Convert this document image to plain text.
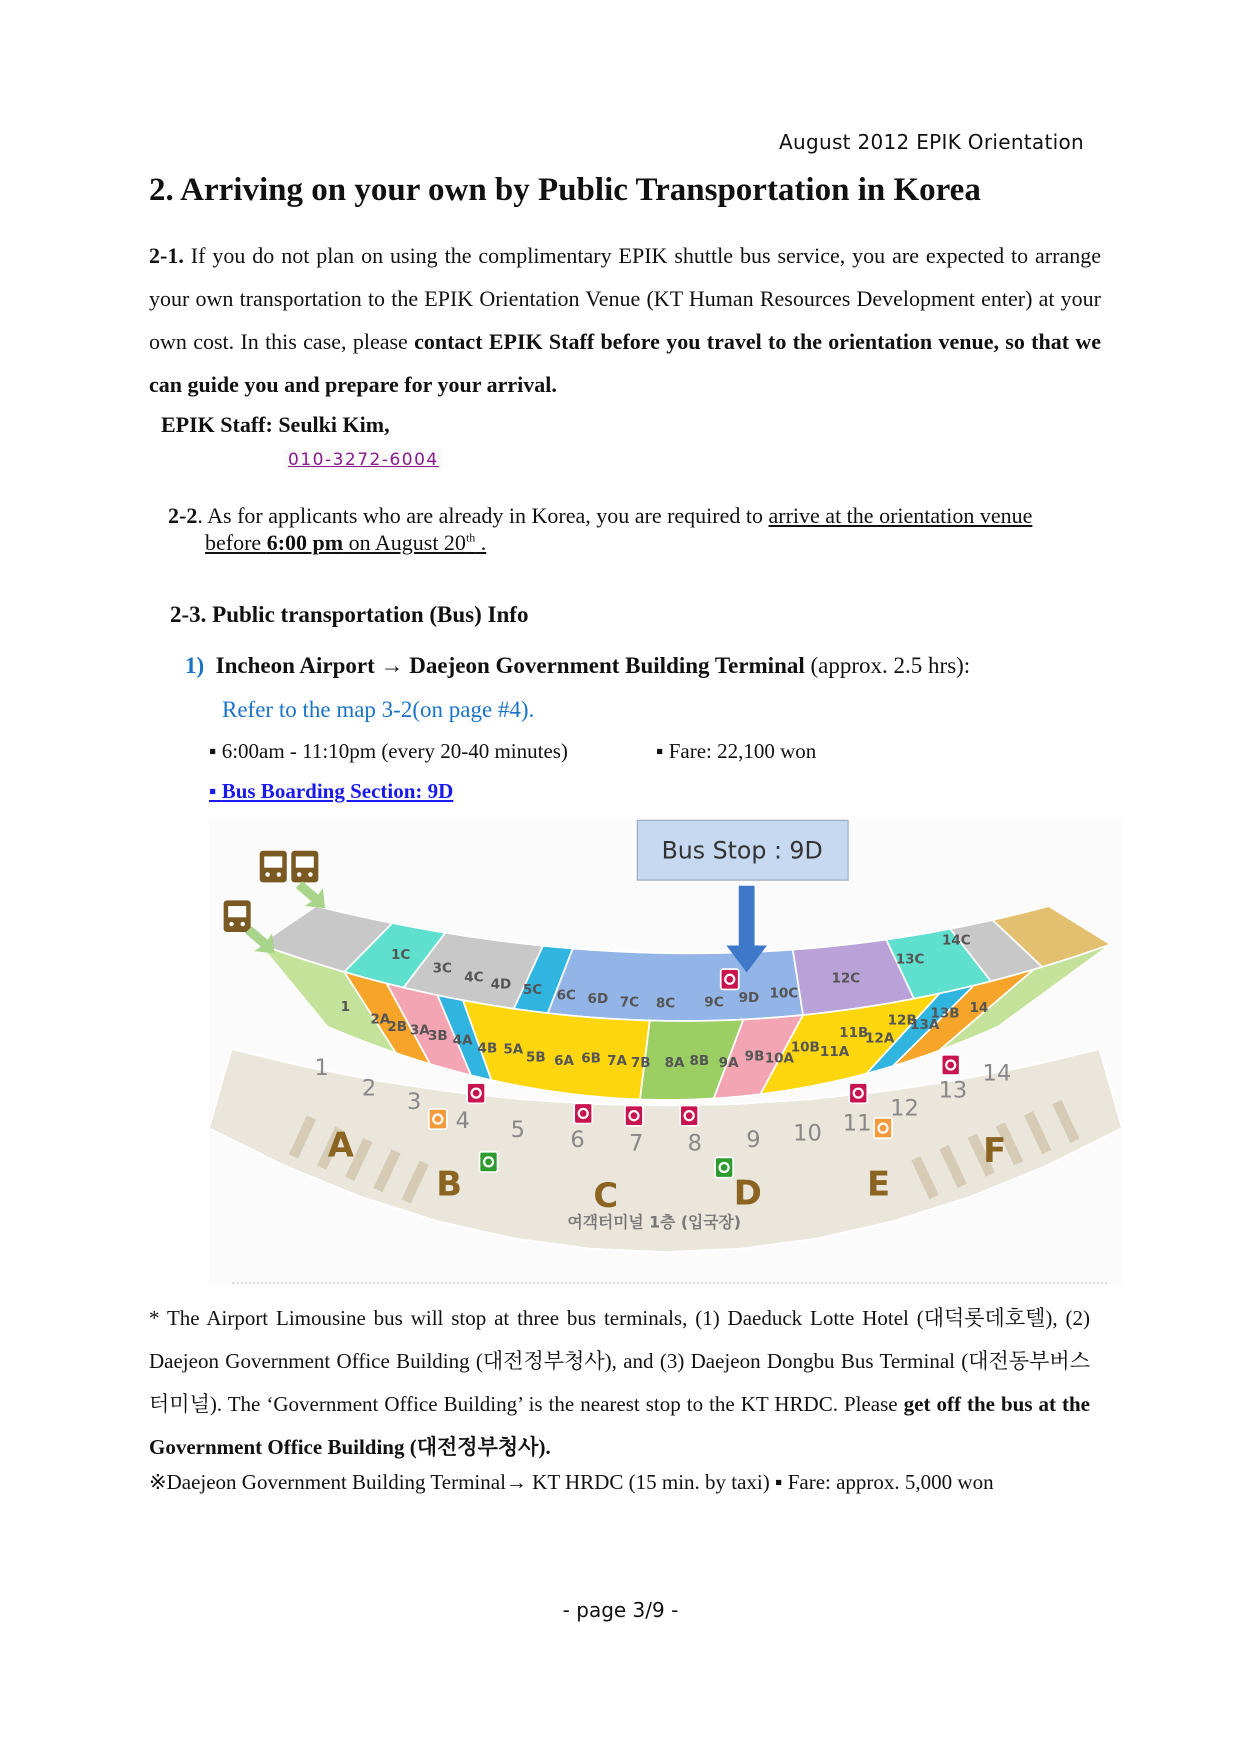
August 2012 EPIK Orientation
2. Arriving on your own by Public Transportation in Korea
2-1. If you do not plan on using the complimentary EPIK shuttle bus service, you are expected to arrange your own transportation to the EPIK Orientation Venue (KT Human Resources Development enter) at your own cost. In this case, please contact EPIK Staff before you travel to the orientation venue, so that we can guide you and prepare for your arrival.
EPIK Staff: Seulki Kim,
010-3272-6004
2-2. As for applicants who are already in Korea, you are required to arrive at the orientation venue
before 6:00 pm on August 20th .
2-3. Public transportation (Bus) Info
1) Incheon Airport → Daejeon Government Building Terminal (approx. 2.5 hrs):
Refer to the map 3-2(on page #4).
▪ 6:00am - 11:10pm (every 20-40 minutes)	▪ Fare: 22,100 won
▪ Bus Boarding Section: 9D
1C
3C
4C 4D 5C 6C 6D 7C 8C 9C 9D 10C
12C
13C
14C
1
2A
2B 3A
3B 4A 4B 5A 5B 6A 6B 7A 7B 8A 8B 9A 9B 10A
10B 11A
11B
12A
12B
13A
13B 14
1
2
3
4 5 6 7 8 9 10 11
12
13
14
A
B	C	D	E
F
Bus Stop : 9D
여객터미널 1층 (입국장)
* The Airport Limousine bus will stop at three bus terminals, (1) Daeduck Lotte Hotel (대덕롯데호텔), (2) Daejeon Government Office Building (대전정부청사), and (3) Daejeon Dongbu Bus Terminal (대전동부버스터미널). The ‘Government Office Building’ is the nearest stop to the KT HRDC. Please get off the bus at the Government Office Building (대전정부청사).
※Daejeon Government Building Terminal→ KT HRDC (15 min. by taxi) ▪ Fare: approx. 5,000 won
- page 3/9 -
